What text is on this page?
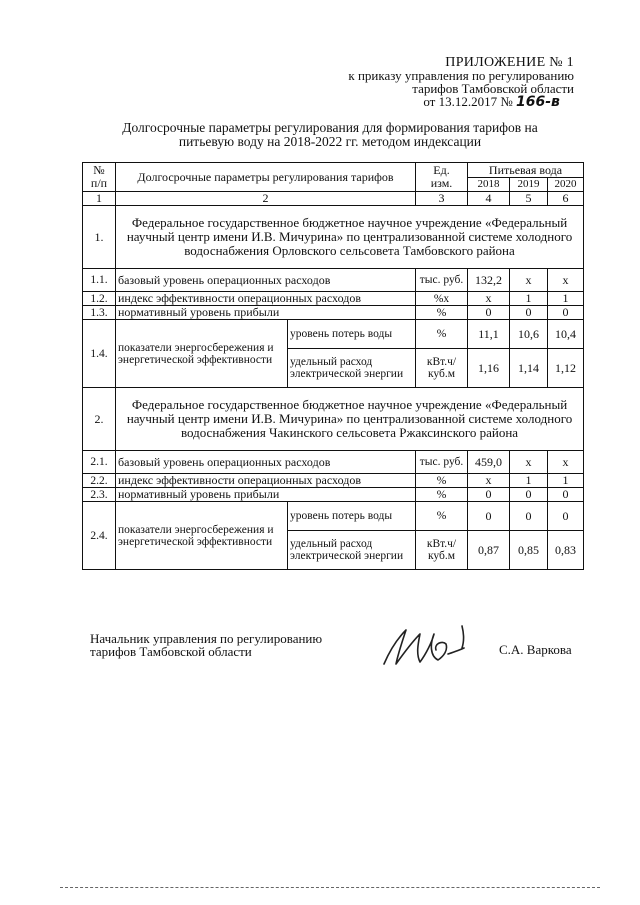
ПРИЛОЖЕНИЕ № 1
к приказу управления по регулированию
тарифов Тамбовской области
от 13.12.2017 № 166-в
Долгосрочные параметры регулирования для формирования тарифов на
питьевую воду на 2018-2022 гг. методом индексации
№
п/п	Долгосрочные параметры регулирования тарифов		Ед.
изм.	Питьевая вода		
				2018	2019	2020
1	2		3	4	5	6
1.	Федеральное государственное бюджетное научное учреждение «Федеральный научный центр имени И.В. Мичурина» по централизованной системе холодного водоснабжения Орловского сельсовета Тамбовского района					
1.1.	базовый уровень операционных расходов		тыс. руб.	132,2	х	х
1.2.	индекс эффективности операционных расходов		%х	х	1	1
1.3.	нормативный уровень прибыли		%	0	0	0
1.4.	показатели энергосбережения и энергетической эффективности	уровень потерь воды	%	11,1	10,6	10,4
		удельный расход электрической энергии	кВт.ч/ куб.м	1,16	1,14	1,12
2.	Федеральное государственное бюджетное научное учреждение «Федеральный научный центр имени И.В. Мичурина» по централизованной системе холодного водоснабжения Чакинского сельсовета Ржаксинского района					
2.1.	базовый уровень операционных расходов		тыс. руб.	459,0	х	х
2.2.	индекс эффективности операционных расходов		%	х	1	1
2.3.	нормативный уровень прибыли		%	0	0	0
2.4.	показатели энергосбережения и энергетической эффективности	уровень потерь воды	%	0	0	0
		удельный расход электрической энергии	кВт.ч/ куб.м	0,87	0,85	0,83
Начальник управления по регулированию
тарифов Тамбовской области	С.А. Варкова
